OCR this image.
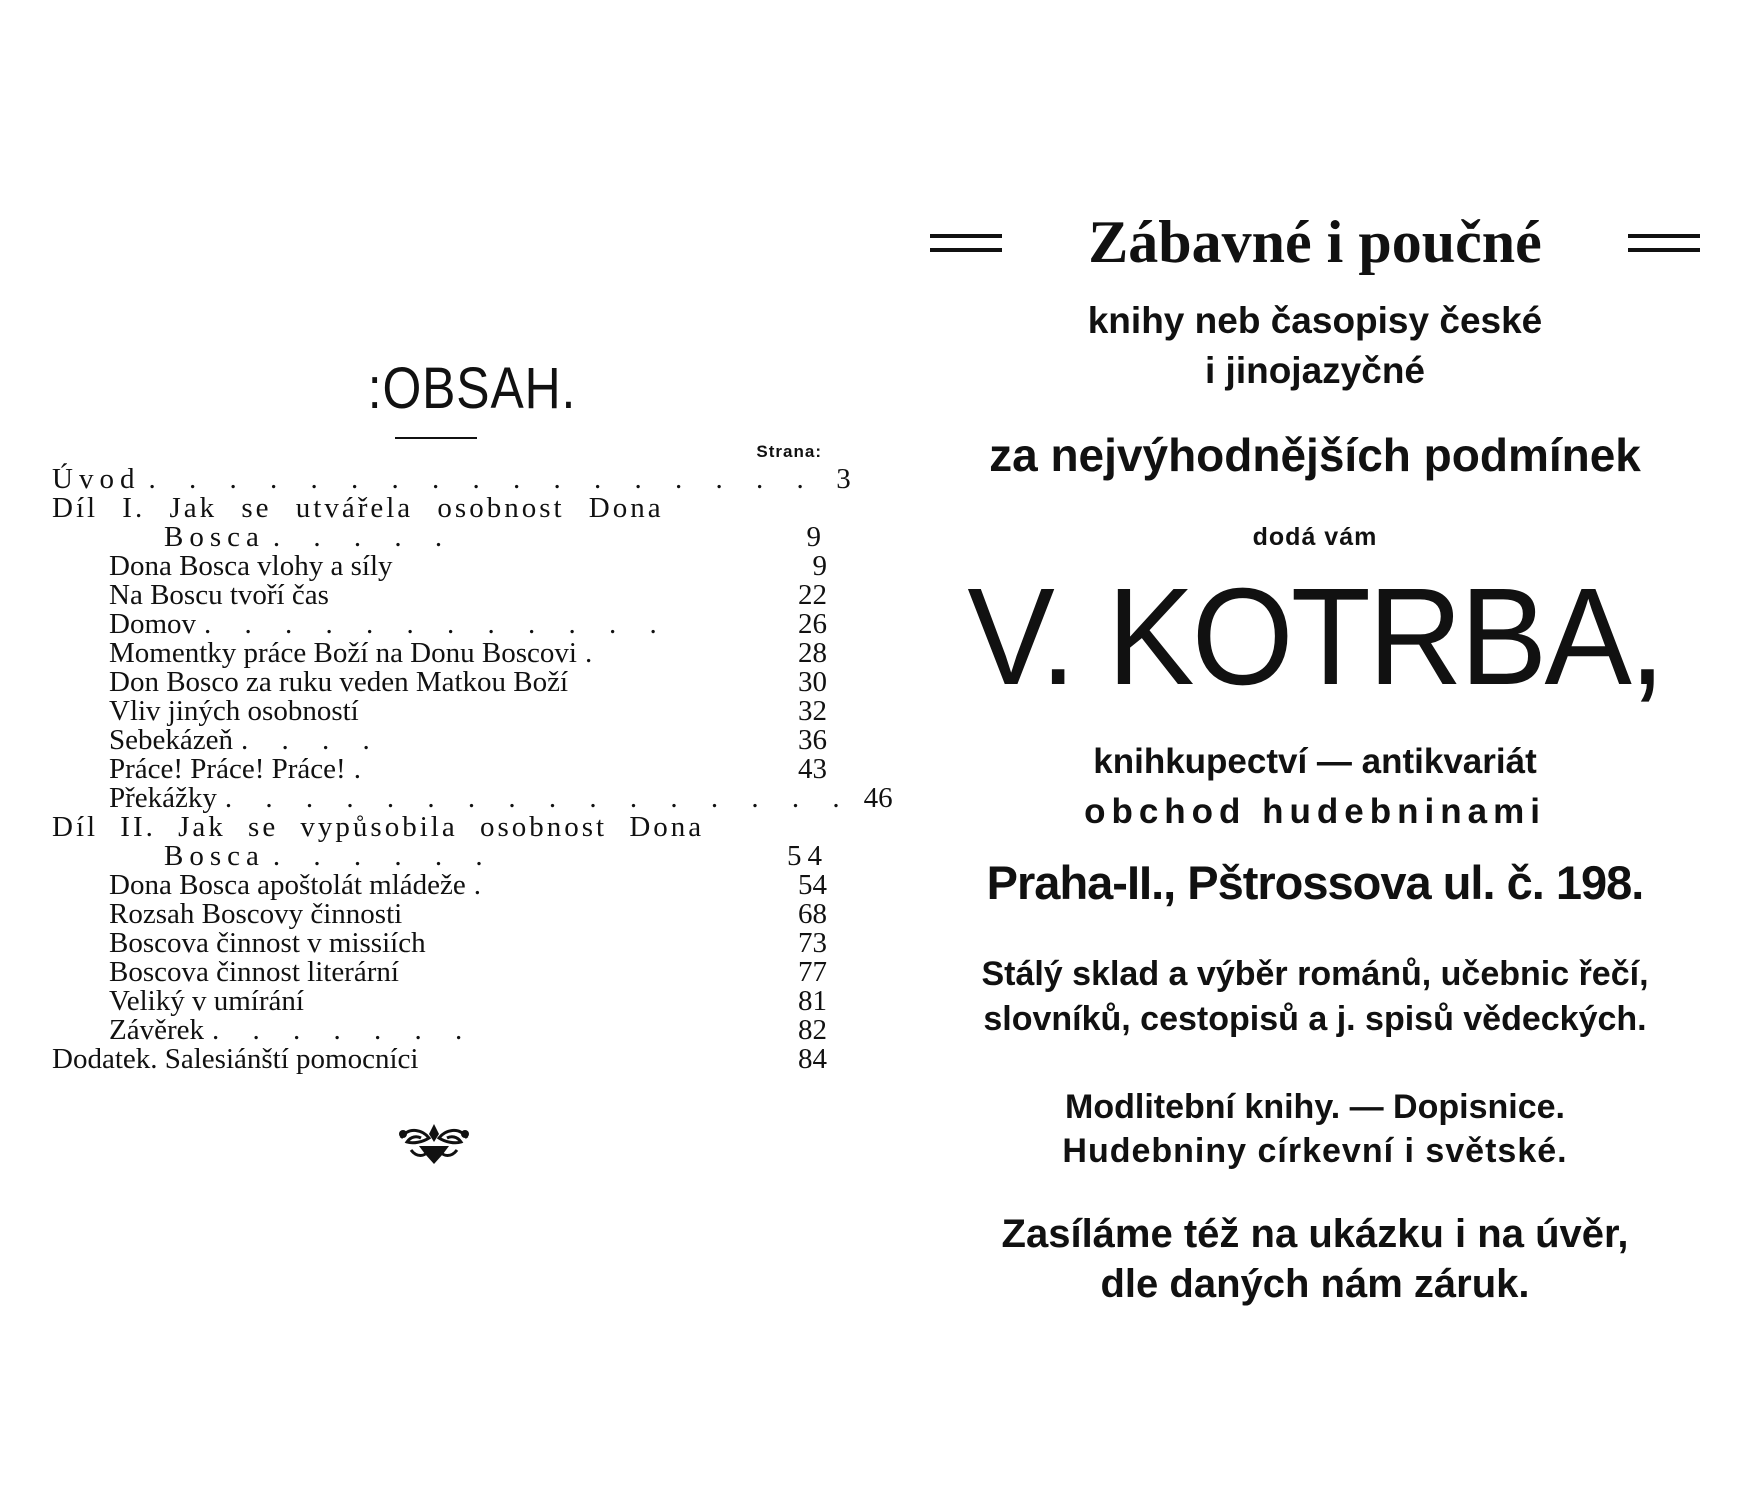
:OBSAH.
Strana:
Úvod . . . . . . . . . . . . . . . . . 3
Díl I. Jak se utvářela osobnost Dona
Bosca . . . . .	9
Dona Bosca vlohy a síly	9
Na Boscu tvoří čas	22
Domov . . . . . . . . . . . .	26
Momentky práce Boží na Donu Boscovi .	28
Don Bosco za ruku veden Matkou Boží	30
Vliv jiných osobností	32
Sebekázeň . . . .	36
Práce! Práce! Práce! .	43
Překážky . . . . . . . . . . . . . . . . 46
Díl II. Jak se vypůsobila osobnost Dona
Bosca . . . . . .	54
Dona Bosca apoštolát mládeže .	54
Rozsah Boscovy činnosti	68
Boscova činnost v missiích	73
Boscova činnost literární	77
Veliký v umírání	81
Závěrek . . . . . . .	82
Dodatek. Salesiánští pomocníci	84
Zábavné i poučné

knihy neb časopisy české

i jinojazyčné

za nejvýhodnějších podmínek

dodá vám

V. KOTRBA,

knihkupectví — antikvariát

obchod hudebninami

Praha-II., Pštrossova ul. č. 198.

Stálý sklad a výběr románů, učebnic řečí,

slovníků, cestopisů a j. spisů vědeckých.

Modlitební knihy. — Dopisnice.

Hudebniny církevní i světské.

Zasíláme též na ukázku i na úvěr,

dle daných nám záruk.
